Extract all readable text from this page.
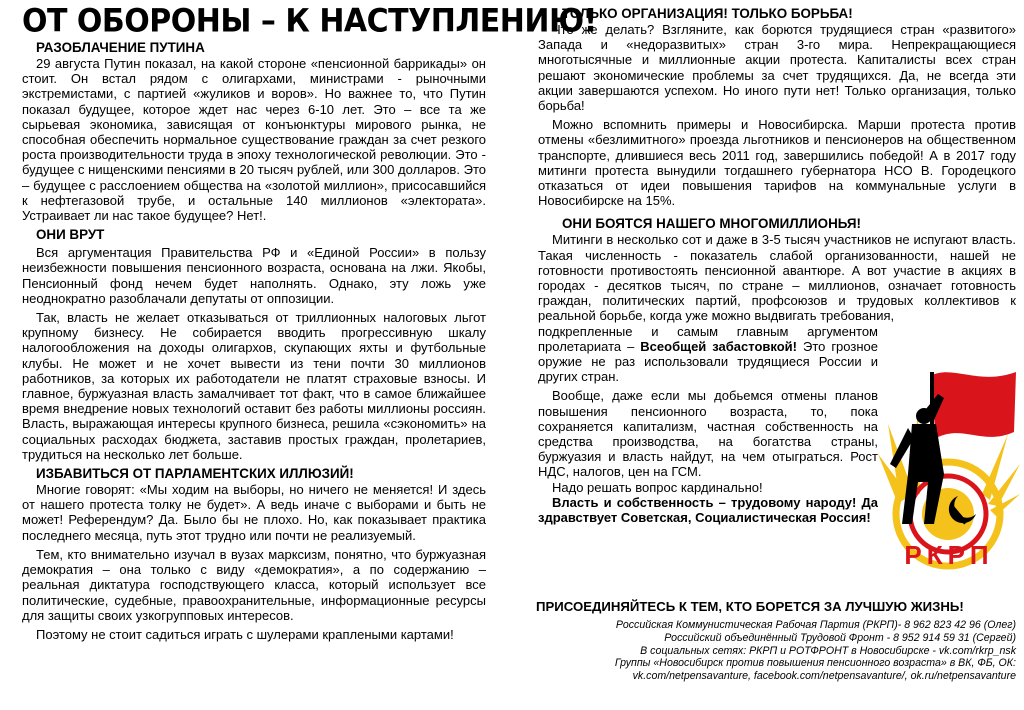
ОТ ОБОРОНЫ – К НАСТУПЛЕНИЮ!
РАЗОБЛАЧЕНИЕ ПУТИНА

29 августа Путин показал, на какой стороне «пенсионной баррикады» он стоит. Он встал рядом с олигархами, министрами - рыночными экстремистами, с партией «жуликов и воров». Но важнее то, что Путин показал будущее, которое ждет нас через 6-10 лет. Это – все та же сырьевая экономика, зависящая от конъюнктуры мирового рынка, не способная обеспечить нормальное существование граждан за счет резкого роста производительности труда в эпоху технологической революции. Это - будущее с нищенскими пенсиями в 20 тысяч рублей, или 300 долларов. Это – будущее с расслоением общества на «золотой миллион», присосавшийся к нефтегазовой трубе, и остальные 140 миллионов «электората». Устраивает ли нас такое будущее? Нет!.

ОНИ ВРУТ

Вся аргументация Правительства РФ и «Единой России» в пользу неизбежности повышения пенсионного возраста, основана на лжи. Якобы, Пенсионный фонд нечем будет наполнять. Однако, эту ложь уже неоднократно разоблачали депутаты от оппозиции.

Так, власть не желает отказываться от триллионных налоговых льгот крупному бизнесу. Не собирается вводить прогрессивную шкалу налогообложения на доходы олигархов, скупающих яхты и футбольные клубы. Не может и не хочет вывести из тени почти 30 миллионов работников, за которых их работодатели не платят страховые взносы. И главное, буржуазная власть замалчивает тот факт, что в самое ближайшее время внедрение новых технологий оставит без работы миллионы россиян. Власть, выражающая интересы крупного бизнеса, решила «сэкономить» на социальных расходах бюджета, заставив простых граждан, пролетариев, трудиться на несколько лет больше.

ИЗБАВИТЬСЯ ОТ ПАРЛАМЕНТСКИХ ИЛЛЮЗИЙ!

Многие говорят: «Мы ходим на выборы, но ничего не меняется! И здесь от нашего протеста толку не будет». А ведь иначе с выборами и быть не может! Референдум? Да. Было бы не плохо. Но, как показывает практика последнего месяца, путь этот трудно или почти не реализуемый.

Тем, кто внимательно изучал в вузах марксизм, понятно, что буржуазная демократия – она только с виду «демократия», а по содержанию – реальная диктатура господствующего класса, который использует все политические, судебные, правоохранительные, информационные ресурсы для защиты своих узкогрупповых интересов.

Поэтому не стоит садиться играть с шулерами краплеными картами!

ТОЛЬКО ОРГАНИЗАЦИЯ! ТОЛЬКО БОРЬБА!

Что же делать? Взгляните, как борются трудящиеся стран «развитого» Запада и «недоразвитых» стран 3-го мира. Непрекращающиеся многотысячные и миллионные акции протеста. Капиталисты всех стран решают экономические проблемы за счет трудящихся. Да, не всегда эти акции завершаются успехом. Но иного пути нет! Только организация, только борьба!

Можно вспомнить примеры и Новосибирска. Марши протеста против отмены «безлимитного» проезда льготников и пенсионеров на общественном транспорте, длившиеся весь 2011 год, завершились победой! А в 2017 году митинги протеста вынудили тогдашнего губернатора НСО В. Городецкого отказаться от идеи повышения тарифов на коммунальные услуги в Новосибирске на 15%.

ОНИ БОЯТСЯ НАШЕГО МНОГОМИЛЛИОНЬЯ!

Митинги в несколько сот и даже в 3-5 тысяч участников не испугают власть. Такая численность - показатель слабой организованности, нашей не готовности противостоять пенсионной авантюре. А вот участие в акциях в городах - десятков тысяч, по стране – миллионов, означает готовность граждан, политических партий, профсоюзов и трудовых коллективов к реальной борьбе, когда уже можно выдвигать требования,

подкрепленные и самым главным аргументом пролетариата – Всеобщей забастовкой! Это грозное оружие не раз использовали трудящиеся России и других стран.

Вообще, даже если мы добьемся отмены планов повышения пенсионного возраста, то, пока сохраняется капитализм, частная собственность на средства производства, на богатства страны, буржуазия и власть найдут, на чем отыграться. Рост НДС, налогов, цен на ГСМ.

Надо решать вопрос кардинально!

Власть и собственность – трудовому народу! Да здравствует Советская, Социалистическая Россия!

РКРП
ПРИСОЕДИНЯЙТЕСЬ К ТЕМ, КТО БОРЕТСЯ ЗА ЛУЧШУЮ ЖИЗНЬ!
Российская Коммунистическая Рабочая Партия (РКРП)- 8 962 823 42 96 (Олег)
Российский объединённый Трудовой Фронт - 8 952 914 59 31 (Сергей)
В социальных сетях: РКРП и РОТФРОНТ в Новосибирске - vk.com/rkrp_nsk
Группы «Новосибирск против повышения пенсионного возраста» в ВК, ФБ, ОК:
vk.com/netpensavanture, facebook.com/netpensavanture/, ok.ru/netpensavanture
